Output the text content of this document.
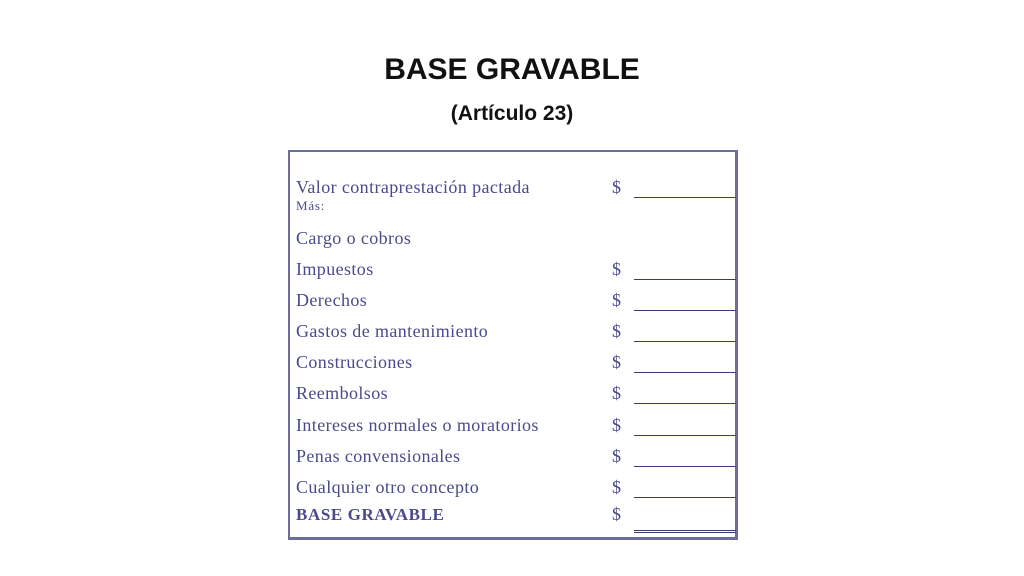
BASE GRAVABLE
(Artículo 23)
Valor contraprestación pactada	$
Más:
Cargo o cobros
Impuestos	$
Derechos	$
Gastos de mantenimiento	$
Construcciones	$
Reembolsos	$
Intereses normales o moratorios	$
Penas convensionales	$
Cualquier otro concepto	$
BASE GRAVABLE	$
